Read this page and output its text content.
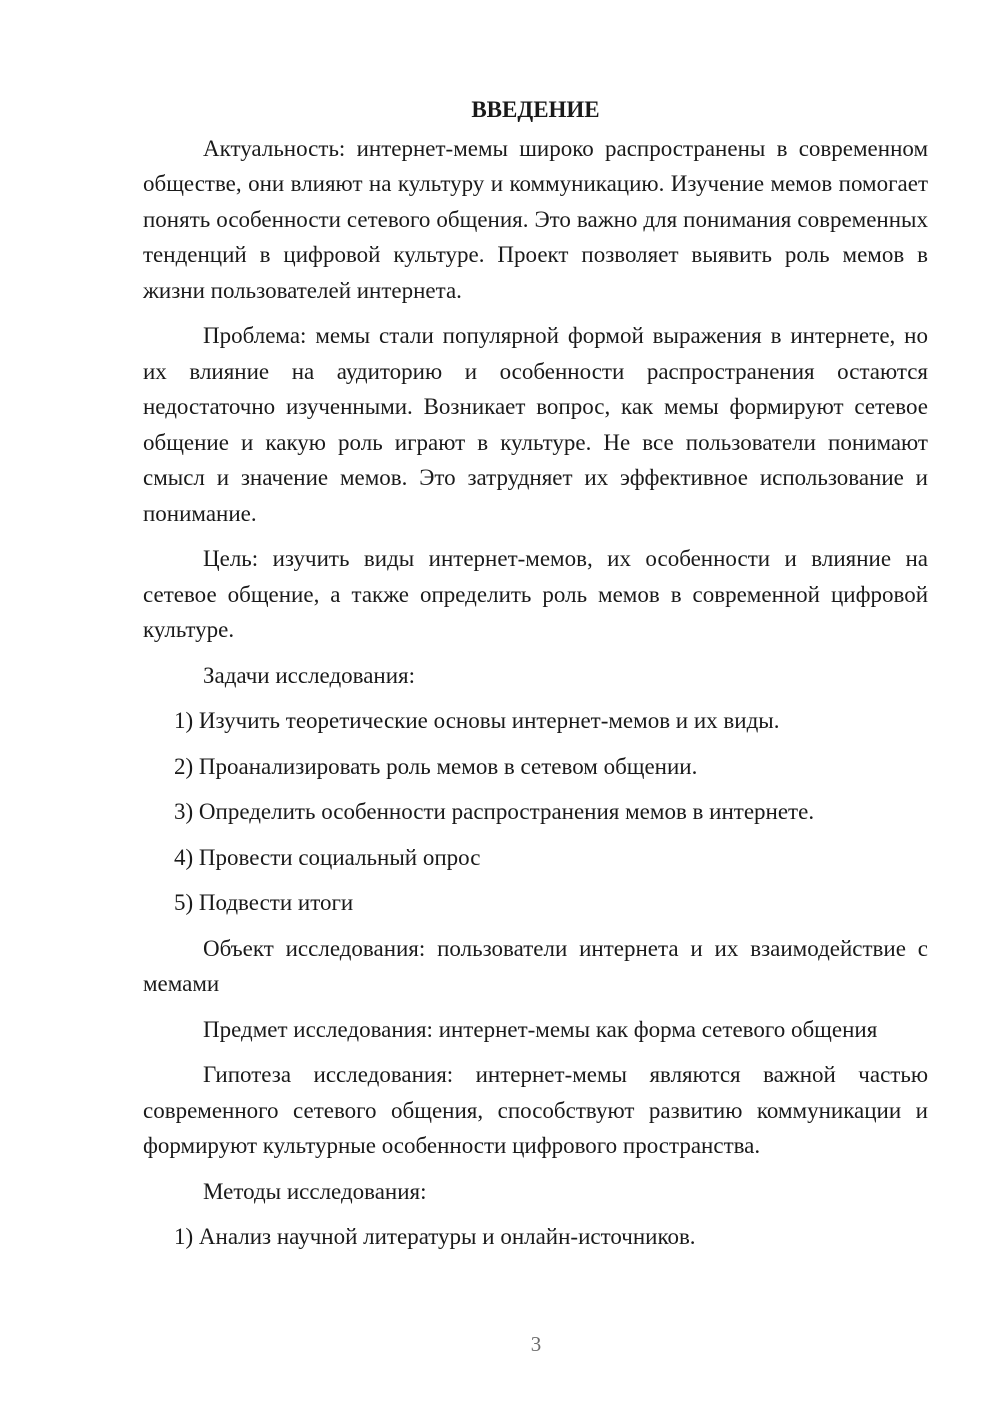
ВВЕДЕНИЕ
Актуальность: интернет-мемы широко распространены в современном обществе, они влияют на культуру и коммуникацию. Изучение мемов помогает понять особенности сетевого общения. Это важно для понимания современных тенденций в цифровой культуре. Проект позволяет выявить роль мемов в жизни пользователей интернета.
Проблема: мемы стали популярной формой выражения в интернете, но их влияние на аудиторию и особенности распространения остаются недостаточно изученными. Возникает вопрос, как мемы формируют сетевое общение и какую роль играют в культуре. Не все пользователи понимают смысл и значение мемов. Это затрудняет их эффективное использование и понимание.
Цель: изучить виды интернет-мемов, их особенности и влияние на сетевое общение, а также определить роль мемов в современной цифровой культуре.
Задачи исследования:
1) Изучить теоретические основы интернет-мемов и их виды.
2) Проанализировать роль мемов в сетевом общении.
3) Определить особенности распространения мемов в интернете.
4) Провести социальный опрос
5) Подвести итоги
Объект исследования: пользователи интернета и их взаимодействие с мемами
Предмет исследования: интернет-мемы как форма сетевого общения
Гипотеза исследования: интернет-мемы являются важной частью современного сетевого общения, способствуют развитию коммуникации и формируют культурные особенности цифрового пространства.
Методы исследования:
1) Анализ научной литературы и онлайн-источников.
3
